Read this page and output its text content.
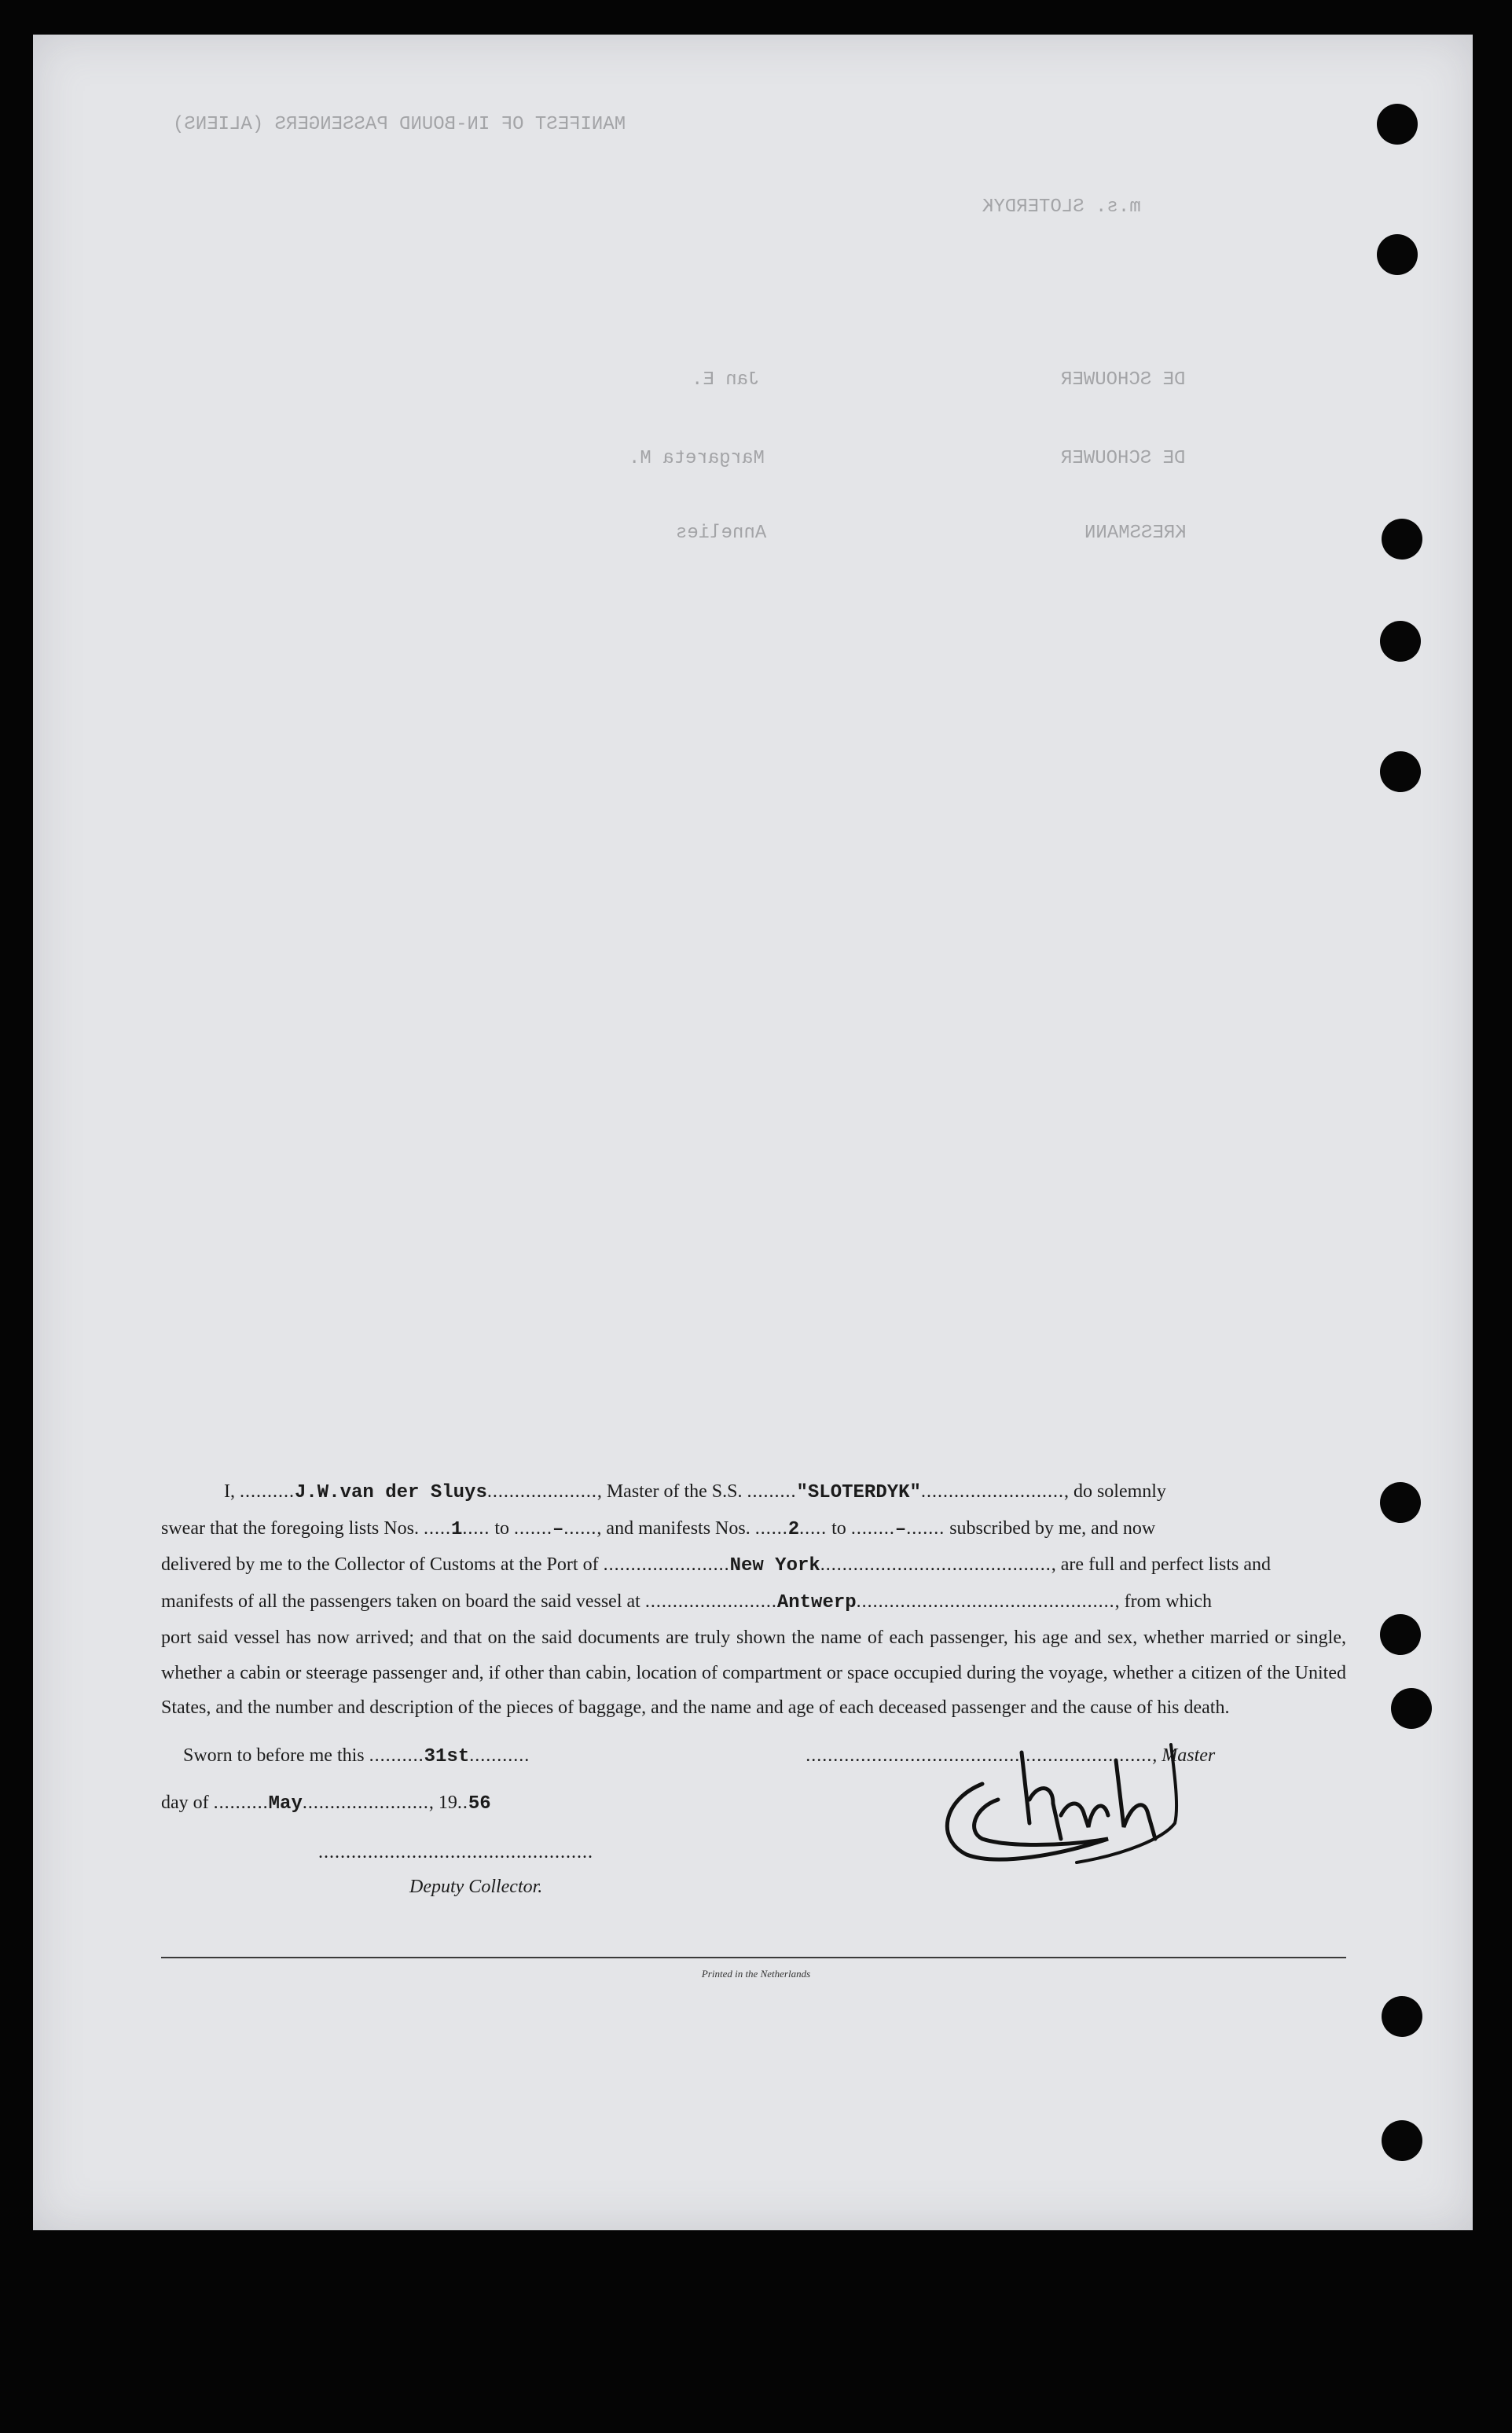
MANIFEST OF IN-BOUND PASSENGERS (ALIENS)
m.s. SLOTERDYK
DE SCHOUWER
Jan E.
DE SCHOUWER
Margareta M.
KRESSMANN
Annelies
I, ..........J.W.van der Sluys...................., Master of the S.S. ........."SLOTERDYK".........................., do solemnly
swear that the foregoing lists Nos. .....1..... to .......–......, and manifests Nos. ......2..... to ........–....... subscribed by me, and now
delivered by me to the Collector of Customs at the Port of .......................New York.........................................., are full and perfect lists and
manifests of all the passengers taken on board the said vessel at ........................Antwerp..............................................., from which
port said vessel has now arrived; and that on the said documents are truly shown the name of each passenger, his age and sex, whether married or single, whether a cabin or steerage passenger and, if other than cabin, location of compartment or space occupied during the voyage, whether a citizen of the United States, and the number and description of the pieces of baggage, and the name and age of each deceased passenger and the cause of his death.
Sworn to before me this ..........31st...........	..............................................................., Master
day of ..........May......................., 19..56
..................................................
Deputy Collector.
Printed in the Netherlands
